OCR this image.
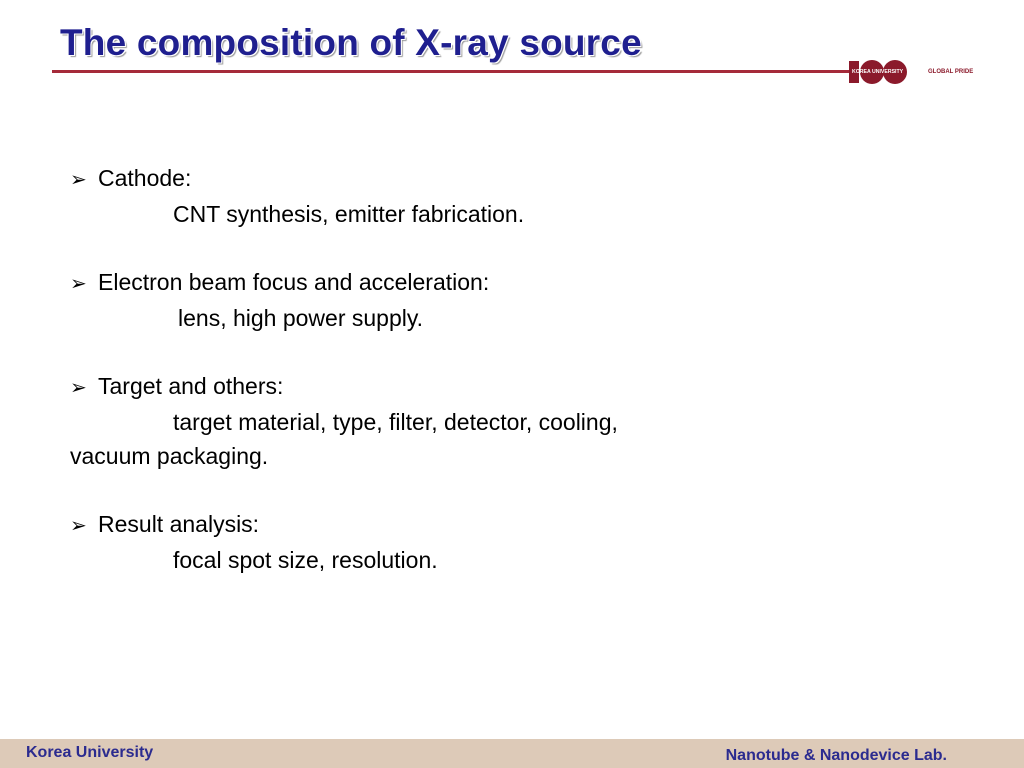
The composition of X-ray source
KOREA UNIVERSITY	GLOBAL PRIDE
➢ Cathode:
CNT synthesis, emitter fabrication.
➢ Electron beam focus and acceleration:
lens, high power supply.
➢ Target and others:
target material, type, filter, detector, cooling,
vacuum packaging.
➢ Result analysis:
focal spot size, resolution.
Korea University	Nanotube & Nanodevice Lab.
